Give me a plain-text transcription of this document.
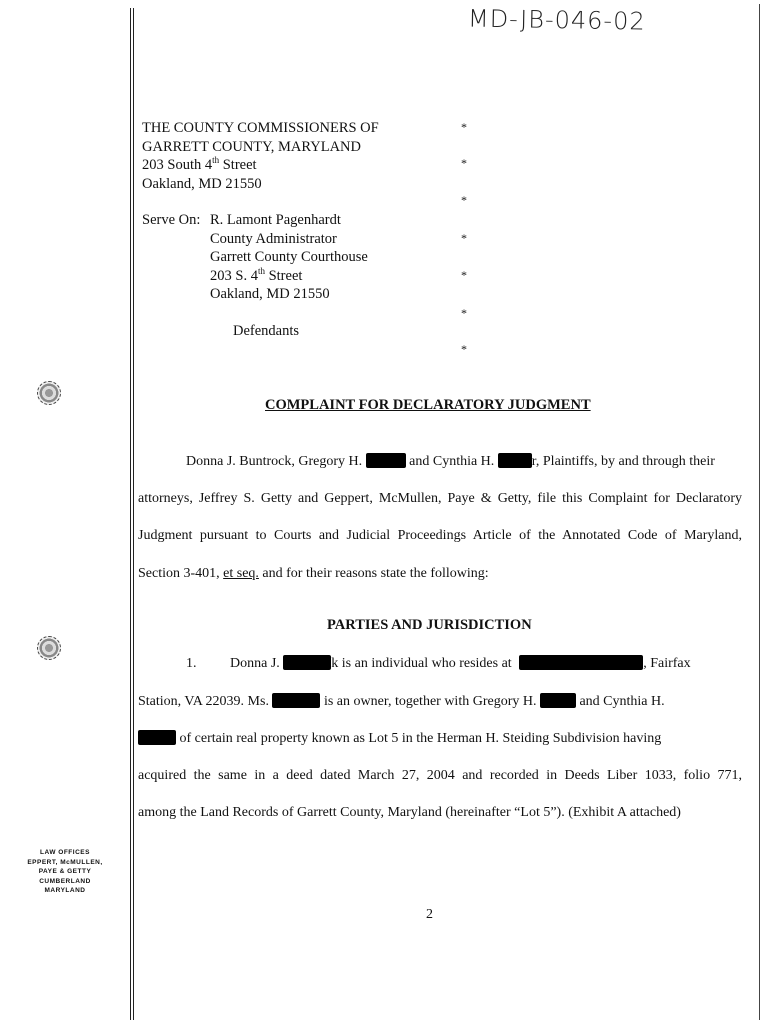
MD-JB-046-02
THE COUNTY COMMISSIONERS OF
GARRETT COUNTY, MARYLAND
203 South 4th Street
Oakland, MD 21550
Serve On: R. Lamont Pagenhardt
County Administrator
Garrett County Courthouse
203 S. 4th Street
Oakland, MD 21550
Defendants
*
*
*
*
*
*
*
COMPLAINT FOR DECLARATORY JUDGMENT
Donna J. Buntrock, Gregory H.	and Cynthia H.	r, Plaintiffs, by and through their
attorneys, Jeffrey S. Getty and Geppert, McMullen, Paye & Getty, file this Complaint for Declaratory
Judgment pursuant to Courts and Judicial Proceedings Article of the Annotated Code of Maryland,
Section 3-401, et seq. and for their reasons state the following:
PARTIES AND JURISDICTION
1.	Donna J.	k is an individual who resides at	, Fairfax
Station, VA 22039. Ms.	is an owner, together with Gregory H.	and Cynthia H.
of certain real property known as Lot 5 in the Herman H. Steiding Subdivision having
acquired the same in a deed dated March 27, 2004 and recorded in Deeds Liber 1033, folio 771,
among the Land Records of Garrett County, Maryland (hereinafter “Lot 5”). (Exhibit A attached)
LAW OFFICES
EPPERT, McMULLEN,
PAYE & GETTY
CUMBERLAND
MARYLAND
2
